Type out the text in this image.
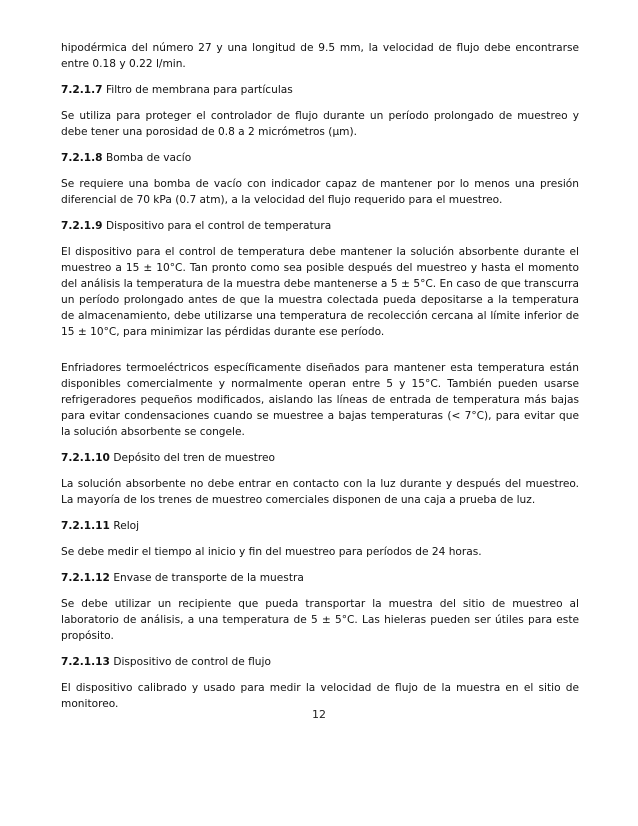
hipodérmica del número 27 y una longitud de 9.5 mm, la velocidad de flujo debe encontrarse entre 0.18 y 0.22 l/min.

7.2.1.7 Filtro de membrana para partículas

Se utiliza para proteger el controlador de flujo durante un período prolongado de muestreo y debe tener una porosidad de 0.8 a 2 micrómetros (μm).

7.2.1.8 Bomba de vacío

Se requiere una bomba de vacío con indicador capaz de mantener por lo menos una presión diferencial de 70 kPa (0.7 atm), a la velocidad del flujo requerido para el muestreo.

7.2.1.9 Dispositivo para el control de temperatura

El dispositivo para el control de temperatura debe mantener la solución absorbente durante el muestreo a 15 ± 10°C. Tan pronto como sea posible después del muestreo y hasta el momento del análisis la temperatura de la muestra debe mantenerse a 5 ± 5°C. En caso de que transcurra un período prolongado antes de que la muestra colectada pueda depositarse a la temperatura de almacenamiento, debe utilizarse una temperatura de recolección cercana al límite inferior de 15 ± 10°C, para minimizar las pérdidas durante ese período.

Enfriadores termoeléctricos específicamente diseñados para mantener esta temperatura están disponibles comercialmente y normalmente operan entre 5 y 15°C. También pueden usarse refrigeradores pequeños modificados, aislando las líneas de entrada de temperatura más bajas para evitar condensaciones cuando se muestree a bajas temperaturas (< 7°C), para evitar que la solución absorbente se congele.

7.2.1.10 Depósito del tren de muestreo

La solución absorbente no debe entrar en contacto con la luz durante y después del muestreo. La mayoría de los trenes de muestreo comerciales disponen de una caja a prueba de luz.

7.2.1.11 Reloj

Se debe medir el tiempo al inicio y fin del muestreo para períodos de 24 horas.

7.2.1.12 Envase de transporte de la muestra

Se debe utilizar un recipiente que pueda transportar la muestra del sitio de muestreo al laboratorio de análisis, a una temperatura de 5 ± 5°C. Las hieleras pueden ser útiles para este propósito.

7.2.1.13 Dispositivo de control de flujo

El dispositivo calibrado y usado para medir la velocidad de flujo de la muestra en el sitio de monitoreo.

12
